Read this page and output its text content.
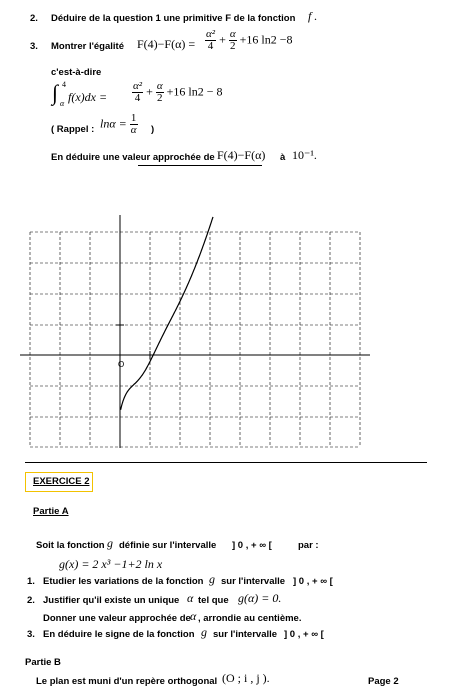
2. Déduire de la question 1 une primitive F de la fonction f .
3. Montrer l'égalité $F(4)-F(\alpha) = \frac{\text{α²}}{4} + \frac{\alpha}{2} +16$ ln2 −8
c'est-à-dire
∫ 4
α $f(x)dx = \frac{\text{α²}}{4} + \frac{\alpha}{2} +16$ ln2 − 8
( Rappel : $\ln\alpha = \frac{1}{\alpha}$ )
En déduire une valeur approchée de F(4)−F(α) à 10⁻¹.
O
EXERCICE 2
Partie A
Soit la fonction g définie sur l'intervalle ] 0 , + ∞ [	par :
g(x) = 2 x³ −1+2 ln x
1. Etudier les variations de la fonction g sur l'intervalle ] 0 , + ∞ [
2. Justifier qu'il existe un unique α tel que g(α) = 0.
Donner une valeur approchée de α , arrondie au centième.
3. En déduire le signe de la fonction g sur l'intervalle ] 0 , + ∞ [
Partie B
Le plan est muni d'un repère orthogonal (O ; i , j ).	Page 2
